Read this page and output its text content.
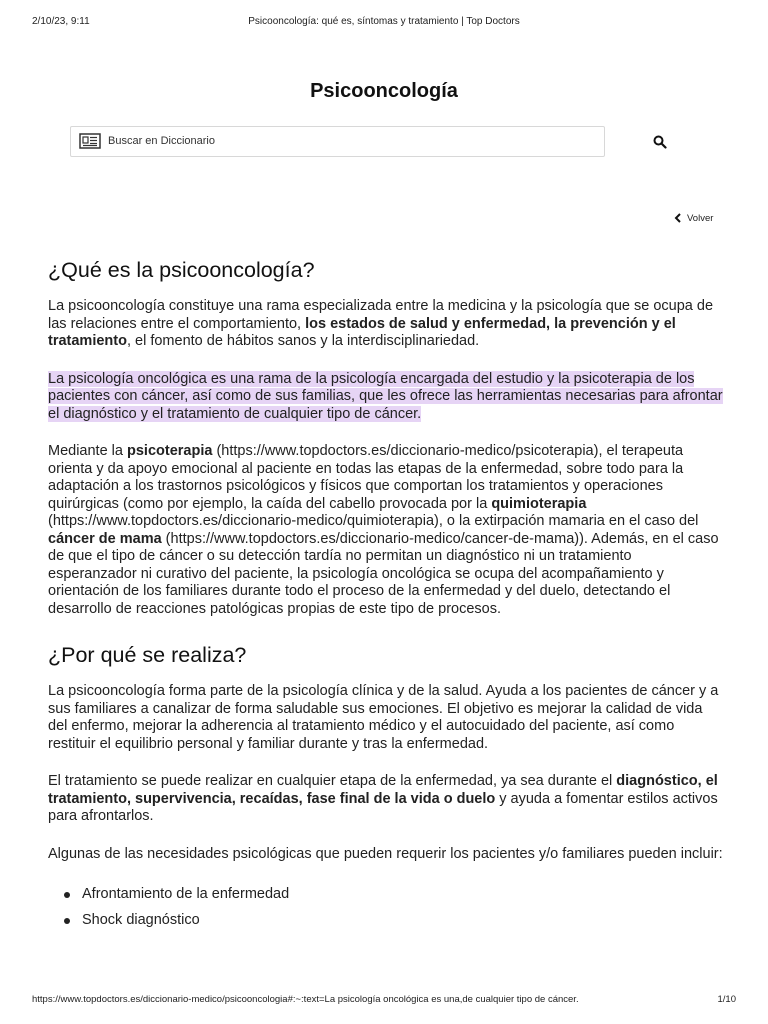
2/10/23, 9:11	Psicooncología: qué es, síntomas y tratamiento | Top Doctors
Psicooncología
Buscar en Diccionario
Volver
¿Qué es la psicooncología?

La psicooncología constituye una rama especializada entre la medicina y la psicología que se ocupa de las relaciones entre el comportamiento, los estados de salud y enfermedad, la prevención y el tratamiento, el fomento de hábitos sanos y la interdisciplinariedad.

La psicología oncológica es una rama de la psicología encargada del estudio y la psicoterapia de los pacientes con cáncer, así como de sus familias, que les ofrece las herramientas necesarias para afrontar el diagnóstico y el tratamiento de cualquier tipo de cáncer.

Mediante la psicoterapia (https://www.topdoctors.es/diccionario-medico/psicoterapia), el terapeuta orienta y da apoyo emocional al paciente en todas las etapas de la enfermedad, sobre todo para la adaptación a los trastornos psicológicos y físicos que comportan los tratamientos y operaciones quirúrgicas (como por ejemplo, la caída del cabello provocada por la quimioterapia (https://www.topdoctors.es/diccionario-medico/quimioterapia), o la extirpación mamaria en el caso del cáncer de mama (https://www.topdoctors.es/diccionario-medico/cancer-de-mama)). Además, en el caso de que el tipo de cáncer o su detección tardía no permitan un diagnóstico ni un tratamiento esperanzador ni curativo del paciente, la psicología oncológica se ocupa del acompañamiento y orientación de los familiares durante todo el proceso de la enfermedad y del duelo, detectando el desarrollo de reacciones patológicas propias de este tipo de procesos.

¿Por qué se realiza?

La psicooncología forma parte de la psicología clínica y de la salud. Ayuda a los pacientes de cáncer y a sus familiares a canalizar de forma saludable sus emociones. El objetivo es mejorar la calidad de vida del enfermo, mejorar la adherencia al tratamiento médico y el autocuidado del paciente, así como restituir el equilibrio personal y familiar durante y tras la enfermedad.

El tratamiento se puede realizar en cualquier etapa de la enfermedad, ya sea durante el diagnóstico, el tratamiento, supervivencia, recaídas, fase final de la vida o duelo y ayuda a fomentar estilos activos para afrontarlos.

Algunas de las necesidades psicológicas que pueden requerir los pacientes y/o familiares pueden incluir:

Afrontamiento de la enfermedad
Shock diagnóstico
https://www.topdoctors.es/diccionario-medico/psicooncologia#:~:text=La psicología oncológica es una,de cualquier tipo de cáncer.	1/10
